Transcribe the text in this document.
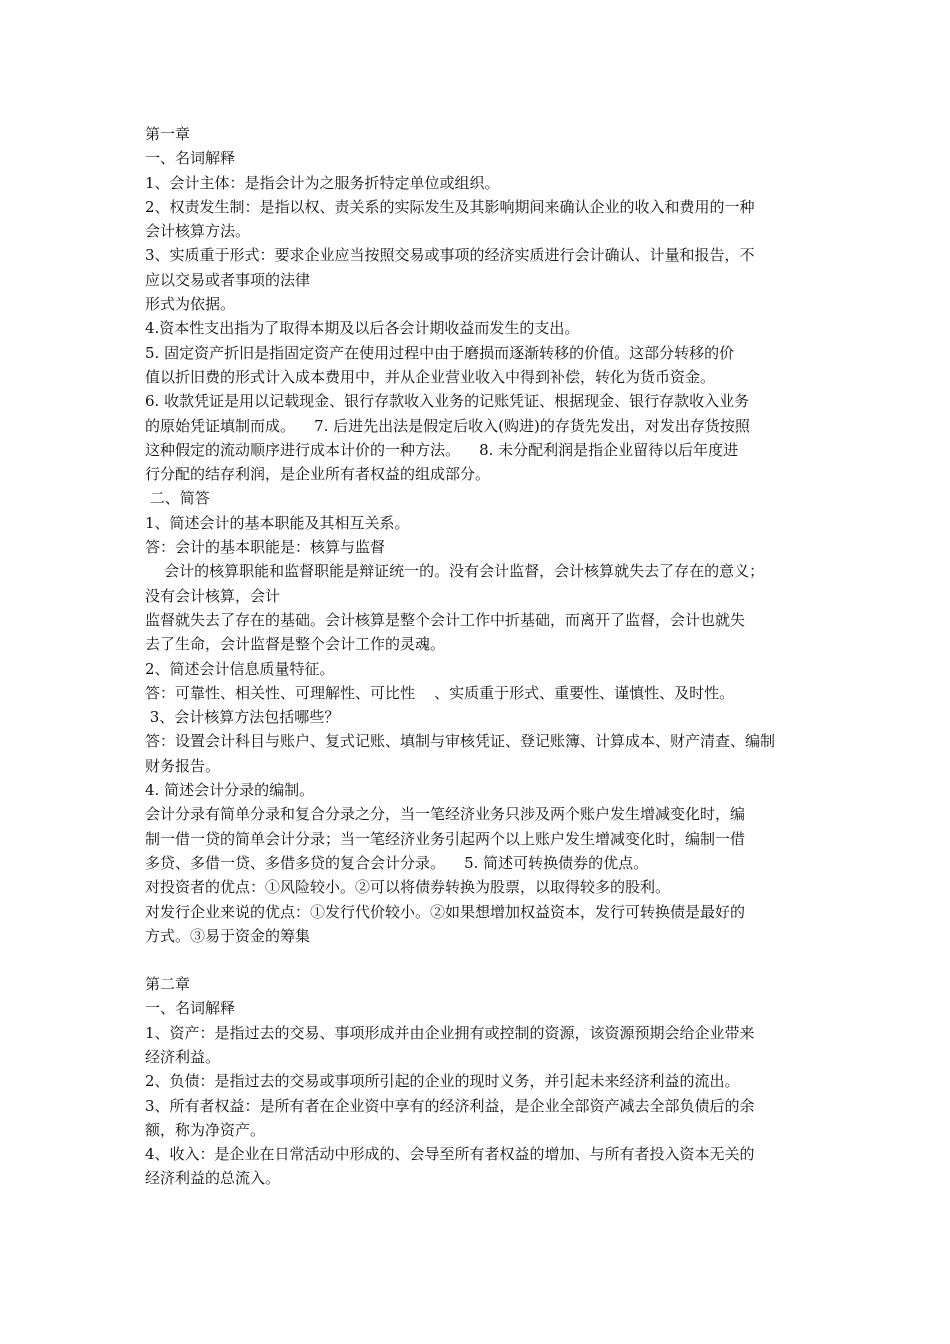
第一章
一、名词解释
1、会计主体：是指会计为之服务折特定单位或组织。
2、权责发生制：是指以权、责关系的实际发生及其影响期间来确认企业的收入和费用的一种
会计核算方法。
3、实质重于形式：要求企业应当按照交易或事项的经济实质进行会计确认、计量和报告，不
应以交易或者事项的法律
形式为依据。
4.资本性支出指为了取得本期及以后各会计期收益而发生的支出。
5. 固定资产折旧是指固定资产在使用过程中由于磨损而逐渐转移的价值。这部分转移的价
值以折旧费的形式计入成本费用中，并从企业营业收入中得到补偿，转化为货币资金。
6. 收款凭证是用以记载现金、银行存款收入业务的记账凭证、根据现金、银行存款收入业务
的原始凭证填制而成。    7. 后进先出法是假定后收入(购进)的存货先发出，对发出存货按照
这种假定的流动顺序进行成本计价的一种方法。    8. 未分配利润是指企业留待以后年度进
行分配的结存利润，是企业所有者权益的组成部分。
二、简答
1、简述会计的基本职能及其相互关系。
答：会计的基本职能是：核算与监督
会计的核算职能和监督职能是辩证统一的。没有会计监督，会计核算就失去了存在的意义；
没有会计核算，会计
监督就失去了存在的基础。会计核算是整个会计工作中折基础，而离开了监督，会计也就失
去了生命，会计监督是整个会计工作的灵魂。
2、简述会计信息质量特征。
答：可靠性、相关性、可理解性、可比性    、实质重于形式、重要性、谨慎性、及时性。
3、会计核算方法包括哪些？
答：设置会计科目与账户、复式记账、填制与审核凭证、登记账簿、计算成本、财产清查、编制
财务报告。
4. 简述会计分录的编制。
会计分录有简单分录和复合分录之分，当一笔经济业务只涉及两个账户发生增减变化时，编
制一借一贷的简单会计分录；当一笔经济业务引起两个以上账户发生增减变化时，编制一借
多贷、多借一贷、多借多贷的复合会计分录。    5. 简述可转换债券的优点。
对投资者的优点：①风险较小。②可以将债券转换为股票，以取得较多的股利。
对发行企业来说的优点：①发行代价较小。②如果想增加权益资本，发行可转换债是最好的
方式。③易于资金的筹集
第二章
一、名词解释
1、资产：是指过去的交易、事项形成并由企业拥有或控制的资源，该资源预期会给企业带来
经济利益。
2、负债：是指过去的交易或事项所引起的企业的现时义务，并引起未来经济利益的流出。
3、所有者权益：是所有者在企业资中享有的经济利益，是企业全部资产减去全部负债后的余
额，称为净资产。
4、收入：是企业在日常活动中形成的、会导至所有者权益的增加、与所有者投入资本无关的
经济利益的总流入。
